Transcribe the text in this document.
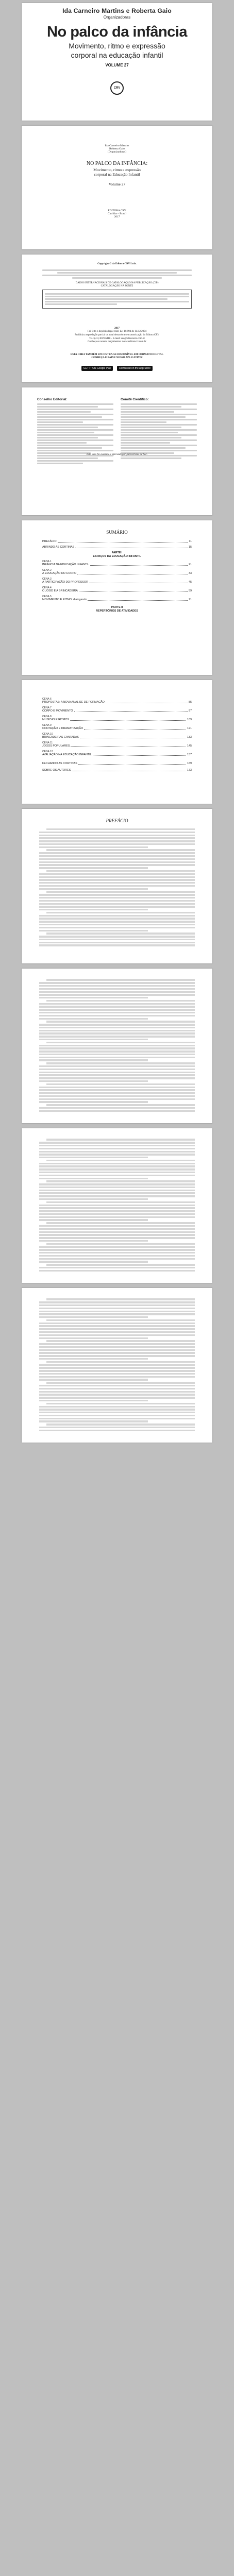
Ida Carneiro Martins e Roberta Gaio
Organizadoras
No palco da infância
Movimento, ritmo e expressão
corporal na educação infantil
VOLUME 27
CRV
Ida Carneiro Martins
Roberta Gaio
(Organizadoras)
NO PALCO DA INFÂNCIA:
Movimento, ritmo e expressão
corporal na Educação Infantil
Volume 27
EDITORA CRV
Curitiba – Brasil
2017
Copyright © da Editora CRV Ltda.
DADOS INTERNACIONAIS DE CATALOGAÇÃO NA PUBLICAÇÃO (CIP)
CATALOGAÇÃO NA FONTE
2017
Foi feito o depósito legal conf. Lei 10.994 de 14/12/2004
Proibida a reprodução parcial ou total desta obra sem autorização da Editora CRV
Tel.: (41) 3039-6418 - E-mail: sac@editoracrv.com.br
Conheça os nossos lançamentos: www.editoracrv.com.br
ESTA OBRA TAMBÉM ENCONTRA-SE DISPONÍVEL EM FORMATO DIGITAL
CONHEÇA E BAIXE NOSSO APLICATIVO!
GET IT ON Google Play	Download on the App Store
Conselho Editorial:	Comitê Científico:
Este livro foi avaliado e aprovado por pareceristas ad hoc.
SUMÁRIO
PREFÁCIO	11
ABRINDO AS CORTINAS	15
PARTE I
ESPAÇOS DA EDUCAÇÃO INFANTIL
CENA 1
INFÂNCIA NA EDUCAÇÃO INFANTIL	21
CENA 2
A EDUCAÇÃO DO CORPO	33
CENA 3
A PARTICIPAÇÃO DO PROFESSOR	45
CENA 4
O JOGO E A BRINCADEIRA	59
CENA 5
MOVIMENTO E RITMO: dialogando	71
PARTE II
REPERTÓRIOS DE ATIVIDADES
CENA 6
PROPOSTAS: A NOVA ANALISE DE FORMAÇÃO	85
CENA 7
CORPO E MOVIMENTO	97
CENA 8
MÚSICAS E RITMOS	109
CENA 9
CONTAÇÃO E DRAMATIZAÇÃO	121
CENA 10
BRINCADEIRAS CANTADAS	133
CENA 11
JOGOS POPULARES	145
CENA 12
AVALIAÇÃO NA EDUCAÇÃO INFANTIL	157
FECHANDO AS CORTINAS	169
SOBRE OS AUTORES	173
PREFÁCIO
